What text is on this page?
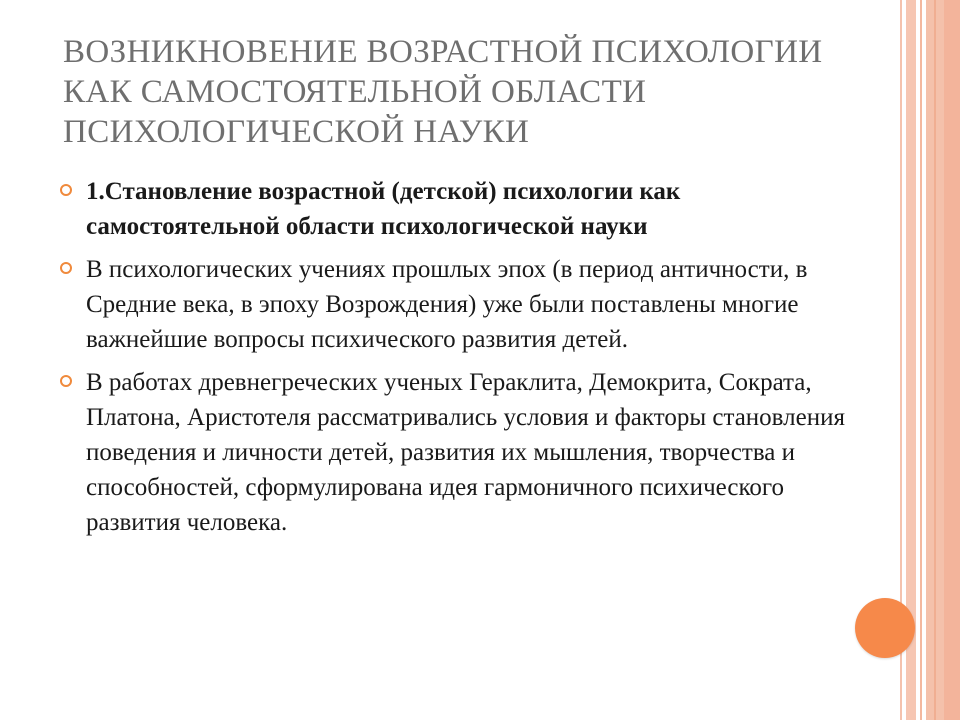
ВОЗНИКНОВЕНИЕ ВОЗРАСТНОЙ ПСИХОЛОГИИ КАК САМОСТОЯТЕЛЬНОЙ ОБЛАСТИ ПСИХОЛОГИЧЕСКОЙ НАУКИ
1.Становление возрастной (детской) психологии как самостоятельной области психологической науки
В психологических учениях прошлых эпох (в период античности, в Средние века, в эпоху Возрождения) уже были поставлены многие важнейшие вопросы психического развития детей.
В работах древнегреческих ученых Гераклита, Демокрита, Сократа, Платона, Аристотеля рассматривались условия и факторы становления поведения и личности детей, развития их мышления, творчества и способностей, сформулирована идея гармоничного психического развития человека.
